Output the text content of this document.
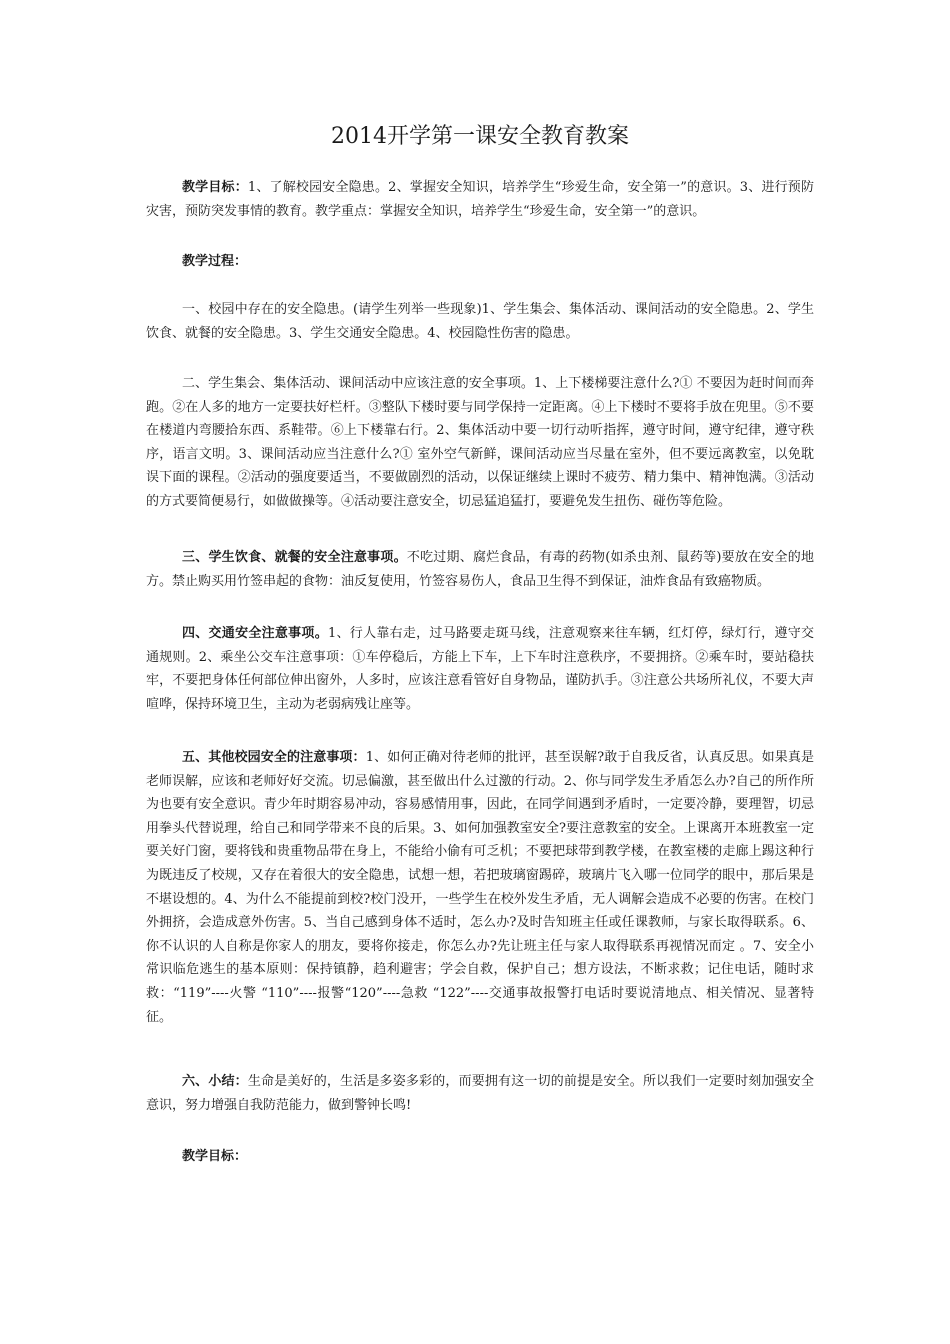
2014开学第一课安全教育教案

教学目标：1、了解校园安全隐患。2、掌握安全知识，培养学生“珍爱生命，安全第一”的意识。3、进行预防灾害，预防突发事情的教育。教学重点：掌握安全知识，培养学生“珍爱生命，安全第一”的意识。

教学过程：

一、校园中存在的安全隐患。(请学生列举一些现象)1、学生集会、集体活动、课间活动的安全隐患。2、学生饮食、就餐的安全隐患。3、学生交通安全隐患。4、校园隐性伤害的隐患。

二、学生集会、集体活动、课间活动中应该注意的安全事项。1、上下楼梯要注意什么?① 不要因为赶时间而奔跑。②在人多的地方一定要扶好栏杆。③整队下楼时要与同学保持一定距离。④上下楼时不要将手放在兜里。⑤不要在楼道内弯腰拾东西、系鞋带。⑥上下楼靠右行。2、集体活动中要一切行动听指挥，遵守时间，遵守纪律，遵守秩序，语言文明。3、课间活动应当注意什么?① 室外空气新鲜，课间活动应当尽量在室外，但不要远离教室，以免耽误下面的课程。②活动的强度要适当，不要做剧烈的活动，以保证继续上课时不疲劳、精力集中、精神饱满。③活动的方式要简便易行，如做做操等。④活动要注意安全，切忌猛追猛打，要避免发生扭伤、碰伤等危险。

三、学生饮食、就餐的安全注意事项。不吃过期、腐烂食品，有毒的药物(如杀虫剂、鼠药等)要放在安全的地方。禁止购买用竹签串起的食物：油反复使用，竹签容易伤人，食品卫生得不到保证，油炸食品有致癌物质。

四、交通安全注意事项。1、行人靠右走，过马路要走斑马线，注意观察来往车辆，红灯停，绿灯行，遵守交通规则。2、乘坐公交车注意事项：①车停稳后，方能上下车，上下车时注意秩序，不要拥挤。②乘车时，要站稳扶牢，不要把身体任何部位伸出窗外，人多时，应该注意看管好自身物品，谨防扒手。③注意公共场所礼仪，不要大声喧哗，保持环境卫生，主动为老弱病残让座等。

五、其他校园安全的注意事项：1、如何正确对待老师的批评，甚至误解?敢于自我反省，认真反思。如果真是老师误解，应该和老师好好交流。切忌偏激，甚至做出什么过激的行动。2、你与同学发生矛盾怎么办?自己的所作所为也要有安全意识。青少年时期容易冲动，容易感情用事，因此，在同学间遇到矛盾时，一定要冷静，要理智，切忌用拳头代替说理，给自己和同学带来不良的后果。3、如何加强教室安全?要注意教室的安全。上课离开本班教室一定要关好门窗，要将钱和贵重物品带在身上，不能给小偷有可乏机；不要把球带到教学楼，在教室楼的走廊上踢这种行为既违反了校规，又存在着很大的安全隐患，试想一想，若把玻璃窗踢碎，玻璃片飞入哪一位同学的眼中，那后果是不堪设想的。4、为什么不能提前到校?校门没开，一些学生在校外发生矛盾，无人调解会造成不必要的伤害。在校门外拥挤，会造成意外伤害。5、当自己感到身体不适时，怎么办?及时告知班主任或任课教师，与家长取得联系。6、你不认识的人自称是你家人的朋友，要将你接走，你怎么办?先让班主任与家人取得联系再视情况而定 。7、安全小常识临危逃生的基本原则：保持镇静，趋利避害；学会自救，保护自己；想方设法，不断求救；记住电话，随时求救：“119”----火警 “110”----报警“120”----急救 “122”----交通事故报警打电话时要说清地点、相关情况、显著特征。

六、小结：生命是美好的，生活是多姿多彩的，而要拥有这一切的前提是安全。所以我们一定要时刻加强安全意识，努力增强自我防范能力，做到警钟长鸣!

教学目标：
